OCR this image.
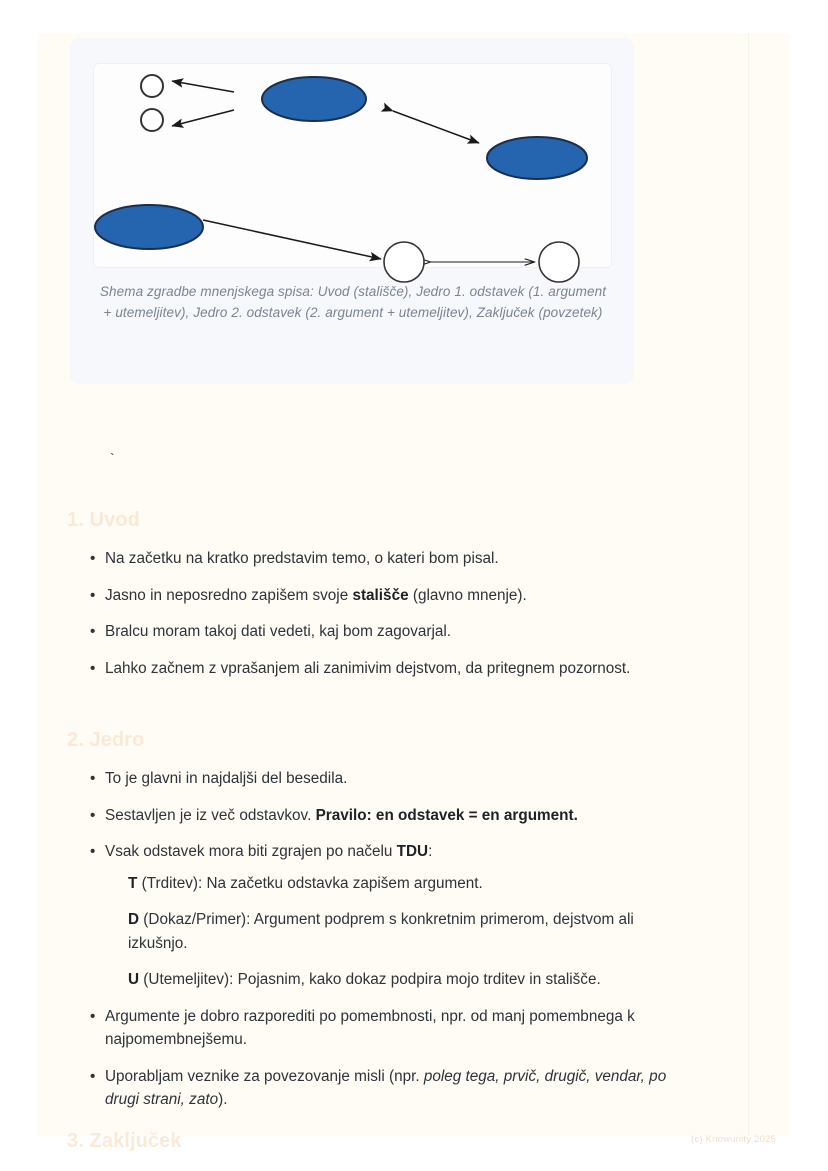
Shema zgradbe mnenjskega spisa: Uvod (stališče), Jedro 1. odstavek (1. argument + utemeljitev), Jedro 2. odstavek (2. argument + utemeljitev), Zaključek (povzetek)
`
1. Uvod
•
Na začetku na kratko predstavim temo, o kateri bom pisal.
•
Jasno in neposredno zapišem svoje stališče (glavno mnenje).
•
Bralcu moram takoj dati vedeti, kaj bom zagovarjal.
•
Lahko začnem z vprašanjem ali zanimivim dejstvom, da pritegnem pozornost.
2. Jedro
•
To je glavni in najdaljši del besedila.
•
Sestavljen je iz več odstavkov. Pravilo: en odstavek = en argument.
•
Vsak odstavek mora biti zgrajen po načelu TDU:
T (Trditev): Na začetku odstavka zapišem argument.
D (Dokaz/Primer): Argument podprem s konkretnim primerom, dejstvom ali izkušnjo.
U (Utemeljitev): Pojasnim, kako dokaz podpira mojo trditev in stališče.
•
Argumente je dobro razporediti po pomembnosti, npr. od manj pomembnega k najpomembnejšemu.
•
Uporabljam veznike za povezovanje misli (npr. poleg tega, prvič, drugič, vendar, po drugi strani, zato).
3. Zaključek	(c) Knowunity 2025
